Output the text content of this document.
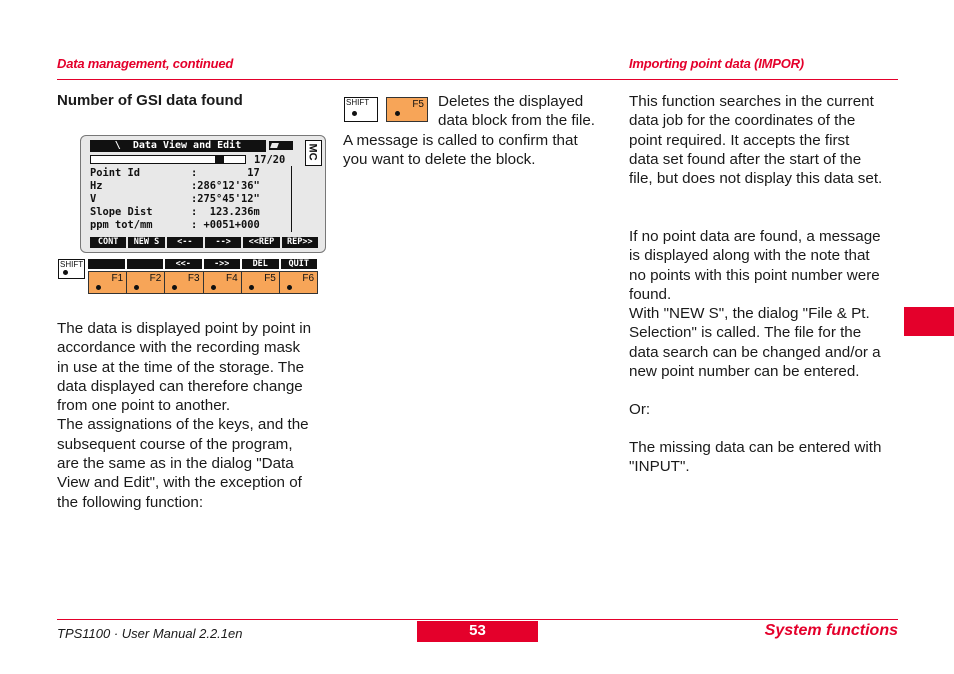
Data management, continued	Importing point data (IMPOR)
Number of GSI data found
\  Data View and Edit	MC
17/20
Point Id	:        17
Hz	:286°12'36"
V	:275°45'12"
Slope Dist	:  123.236m
ppm tot/mm	: +0051+000
CONT	NEW S	<--	-->	<<REP	REP>>
SHIFT	<<-	->>	DEL	QUIT
F1	F2	F3	F4	F5	F6
The data is displayed point by point in
accordance with the recording mask
in use at the time of the storage. The
data displayed can therefore change
from one point to another.
The assignations of the keys, and the
subsequent course of the program,
are the same as in the dialog "Data
View and Edit", with the exception of
the following function:
SHIFT	F5 Deletes the displayed
data block from the file.
A message is called to confirm that
you want to delete the block.
This function searches in the current
data job for the coordinates of the
point required. It accepts the first
data set found after the start of the
file, but does not display this data set.
If no point data are found, a message
is displayed along with the note that
no points with this point number were
found.
With "NEW S", the dialog "File & Pt.
Selection" is called. The file for the
data search can be changed and/or a
new point number can be entered.
Or:
The missing data can be entered with
"INPUT".
TPS1100 · User Manual 2.2.1en	53	System functions
